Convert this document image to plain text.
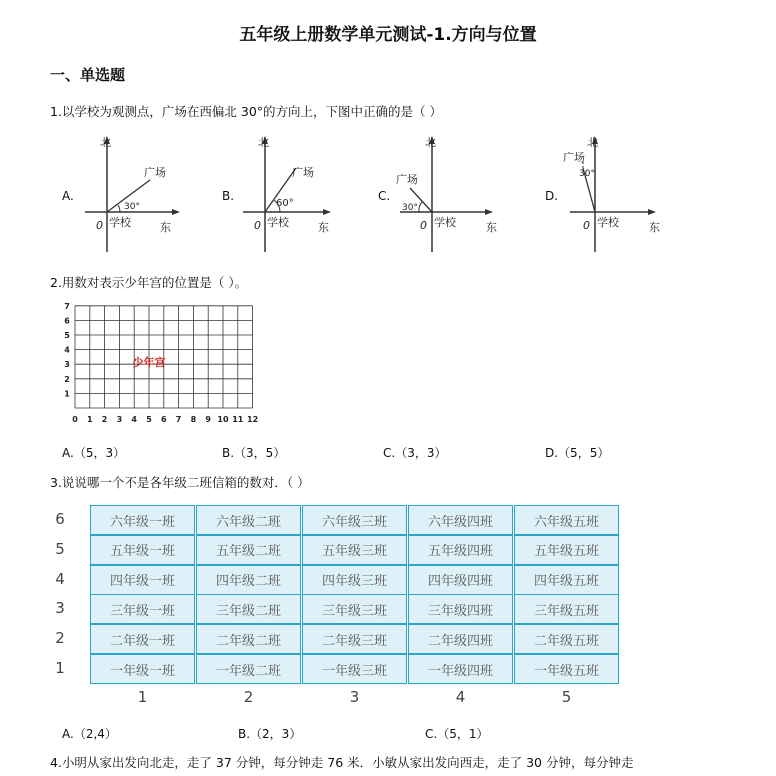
五年级上册数学单元测试-1.方向与位置
一、单选题
1.以学校为观测点，广场在西偏北 30°的方向上，下图中正确的是（ ）
A.
北
东
0 学校
广场
30°
B.
北
东
0 学校
广场
60°
C.
北
东
0 学校
广场
30°
D.
北
东
0 学校
广场
30°
2.用数对表示少年宫的位置是（ ）。
0 1 2 3 4 5 6 7 8 9 10 11 12
1
2
3
4
5
6
7
少年宫
A.（5，3）	B.（3，5）	C.（3，3）	D.（5，5）
3.说说哪一个不是各年级二班信箱的数对．（ ）
6	六年级一班	六年级二班	六年级三班	六年级四班	六年级五班
5	五年级一班	五年级二班	五年级三班	五年级四班	五年级五班
4	四年级一班	四年级二班	四年级三班	四年级四班	四年级五班
3	三年级一班	三年级二班	三年级三班	三年级四班	三年级五班
2	二年级一班	二年级二班	二年级三班	二年级四班	二年级五班
1	一年级一班	一年级二班	一年级三班	一年级四班	一年级五班
1	2	3	4	5
A.（2,4）	B.（2，3）	C.（5，1）
4.小明从家出发向北走，走了 37 分钟，每分钟走 76 米．小敏从家出发向西走，走了 30 分钟，每分钟走
